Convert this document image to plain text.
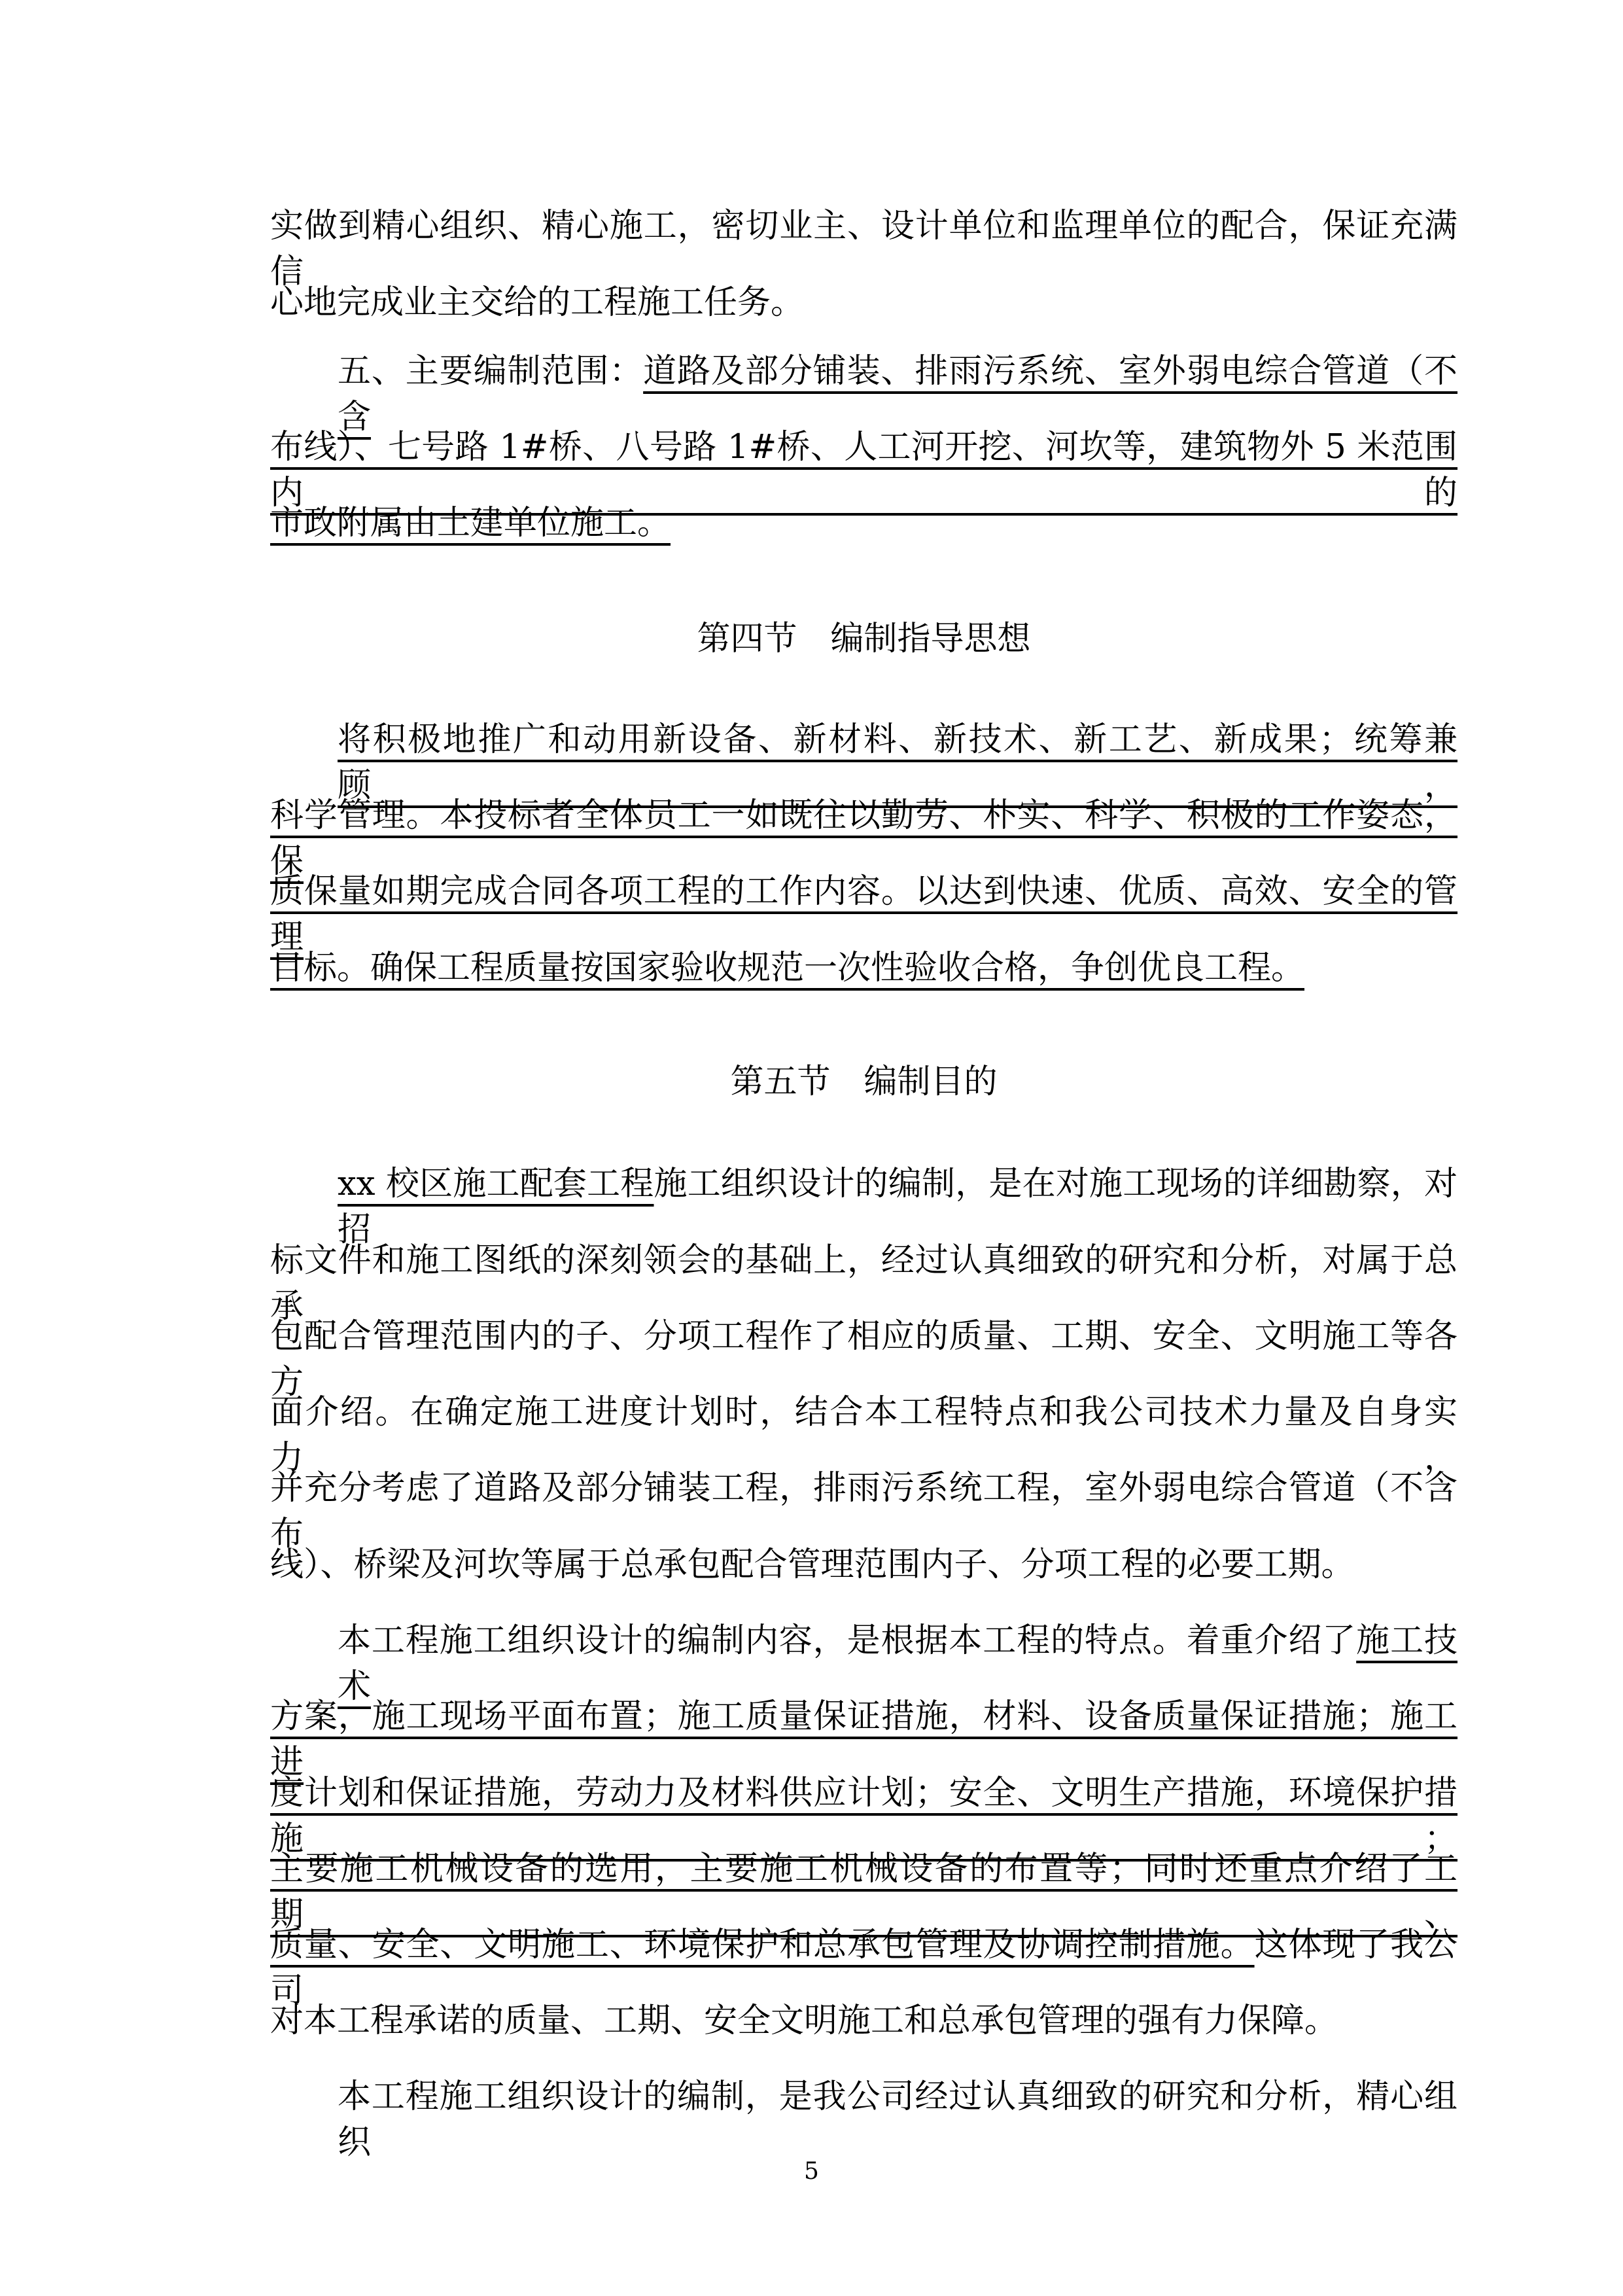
实做到精心组织、精心施工，密切业主、设计单位和监理单位的配合，保证充满信
心地完成业主交给的工程施工任务。
五、主要编制范围：道路及部分铺装、排雨污系统、室外弱电综合管道（不含
布线）、七号路 1#桥、八号路 1#桥、人工河开挖、河坎等，建筑物外 5 米范围内的
市政附属由土建单位施工。
第四节　编制指导思想
将积极地推广和动用新设备、新材料、新技术、新工艺、新成果；统筹兼顾，
科学管理。本投标者全体员工一如既往以勤劳、朴实、科学、积极的工作姿态，保
质保量如期完成合同各项工程的工作内容。以达到快速、优质、高效、安全的管理
目标。确保工程质量按国家验收规范一次性验收合格，争创优良工程。
第五节　编制目的
xx 校区施工配套工程施工组织设计的编制，是在对施工现场的详细勘察，对招
标文件和施工图纸的深刻领会的基础上，经过认真细致的研究和分析，对属于总承
包配合管理范围内的子、分项工程作了相应的质量、工期、安全、文明施工等各方
面介绍。在确定施工进度计划时，结合本工程特点和我公司技术力量及自身实力，
并充分考虑了道路及部分铺装工程，排雨污系统工程，室外弱电综合管道（不含布
线）、桥梁及河坎等属于总承包配合管理范围内子、分项工程的必要工期。
本工程施工组织设计的编制内容，是根据本工程的特点。着重介绍了施工技术
方案，施工现场平面布置；施工质量保证措施，材料、设备质量保证措施；施工进
度计划和保证措施，劳动力及材料供应计划；安全、文明生产措施，环境保护措施；
主要施工机械设备的选用，主要施工机械设备的布置等；同时还重点介绍了工期、
质量、安全、文明施工、环境保护和总承包管理及协调控制措施。这体现了我公司
对本工程承诺的质量、工期、安全文明施工和总承包管理的强有力保障。
本工程施工组织设计的编制，是我公司经过认真细致的研究和分析，精心组织
5
